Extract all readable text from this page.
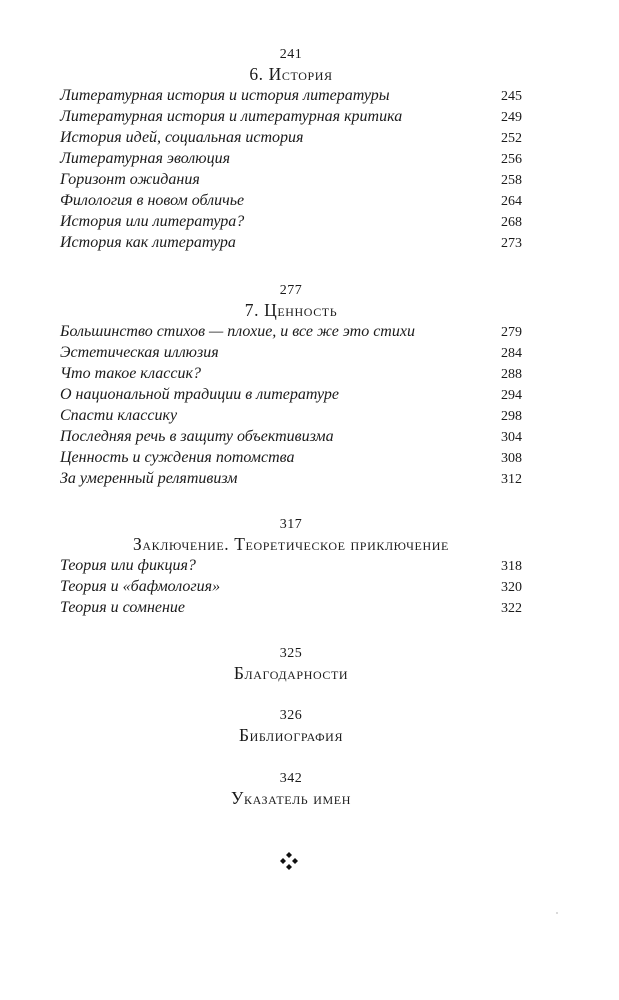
241
6. История
Литературная история и история литературы	245
Литературная история и литературная критика	249
История идей, социальная история	252
Литературная эволюция	256
Горизонт ожидания	258
Филология в новом обличье	264
История или литература?	268
История как литература	273
277
7. Ценность
Большинство стихов — плохие, и все же это стихи	279
Эстетическая иллюзия	284
Что такое классик?	288
О национальной традиции в литературе	294
Спасти классику	298
Последняя речь в защиту объективизма	304
Ценность и суждения потомства	308
За умеренный релятивизм	312
317
Заключение. Теоретическое приключение
Теория или фикция?	318
Теория и «бафмология»	320
Теория и сомнение	322
325
Благодарности
326
Библиография
342
Указатель имен
